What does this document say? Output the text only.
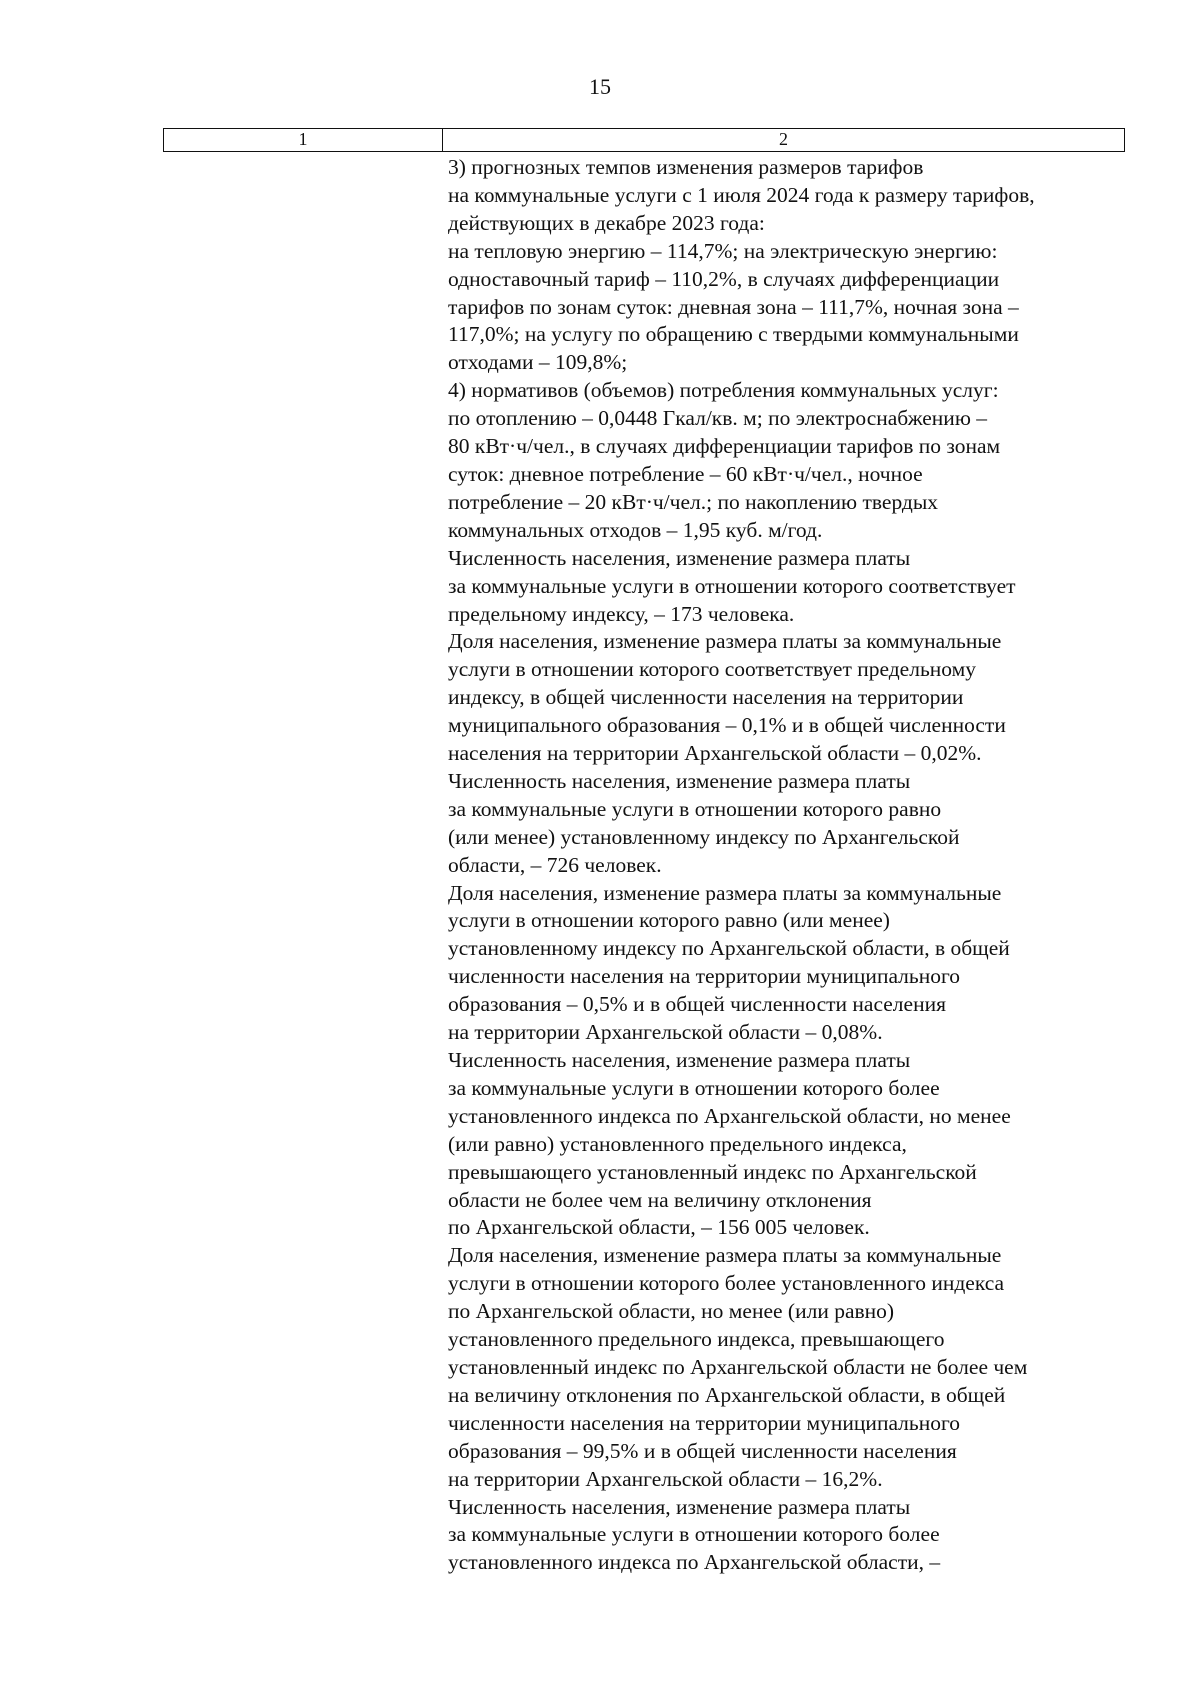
15
1	2
3) прогнозных темпов изменения размеров тарифов
на коммунальные услуги с 1 июля 2024 года к размеру тарифов,
действующих в декабре 2023 года:
на тепловую энергию – 114,7%; на электрическую энергию:
одноставочный тариф – 110,2%, в случаях дифференциации
тарифов по зонам суток: дневная зона – 111,7%, ночная зона –
117,0%; на услугу по обращению с твердыми коммунальными
отходами – 109,8%;
4) нормативов (объемов) потребления коммунальных услуг:
по отоплению – 0,0448 Гкал/кв. м; по электроснабжению –
80 кВт·ч/чел., в случаях дифференциации тарифов по зонам
суток: дневное потребление – 60 кВт·ч/чел., ночное
потребление – 20 кВт·ч/чел.; по накоплению твердых
коммунальных отходов – 1,95 куб. м/год.
Численность населения, изменение размера платы
за коммунальные услуги в отношении которого соответствует
предельному индексу, – 173 человека.
Доля населения, изменение размера платы за коммунальные
услуги в отношении которого соответствует предельному
индексу, в общей численности населения на территории
муниципального образования – 0,1% и в общей численности
населения на территории Архангельской области – 0,02%.
Численность населения, изменение размера платы
за коммунальные услуги в отношении которого равно
(или менее) установленному индексу по Архангельской
области, – 726 человек.
Доля населения, изменение размера платы за коммунальные
услуги в отношении которого равно (или менее)
установленному индексу по Архангельской области, в общей
численности населения на территории муниципального
образования – 0,5% и в общей численности населения
на территории Архангельской области – 0,08%.
Численность населения, изменение размера платы
за коммунальные услуги в отношении которого более
установленного индекса по Архангельской области, но менее
(или равно) установленного предельного индекса,
превышающего установленный индекс по Архангельской
области не более чем на величину отклонения
по Архангельской области, – 156 005 человек.
Доля населения, изменение размера платы за коммунальные
услуги в отношении которого более установленного индекса
по Архангельской области, но менее (или равно)
установленного предельного индекса, превышающего
установленный индекс по Архангельской области не более чем
на величину отклонения по Архангельской области, в общей
численности населения на территории муниципального
образования – 99,5% и в общей численности населения
на территории Архангельской области – 16,2%.
Численность населения, изменение размера платы
за коммунальные услуги в отношении которого более
установленного индекса по Архангельской области, –
